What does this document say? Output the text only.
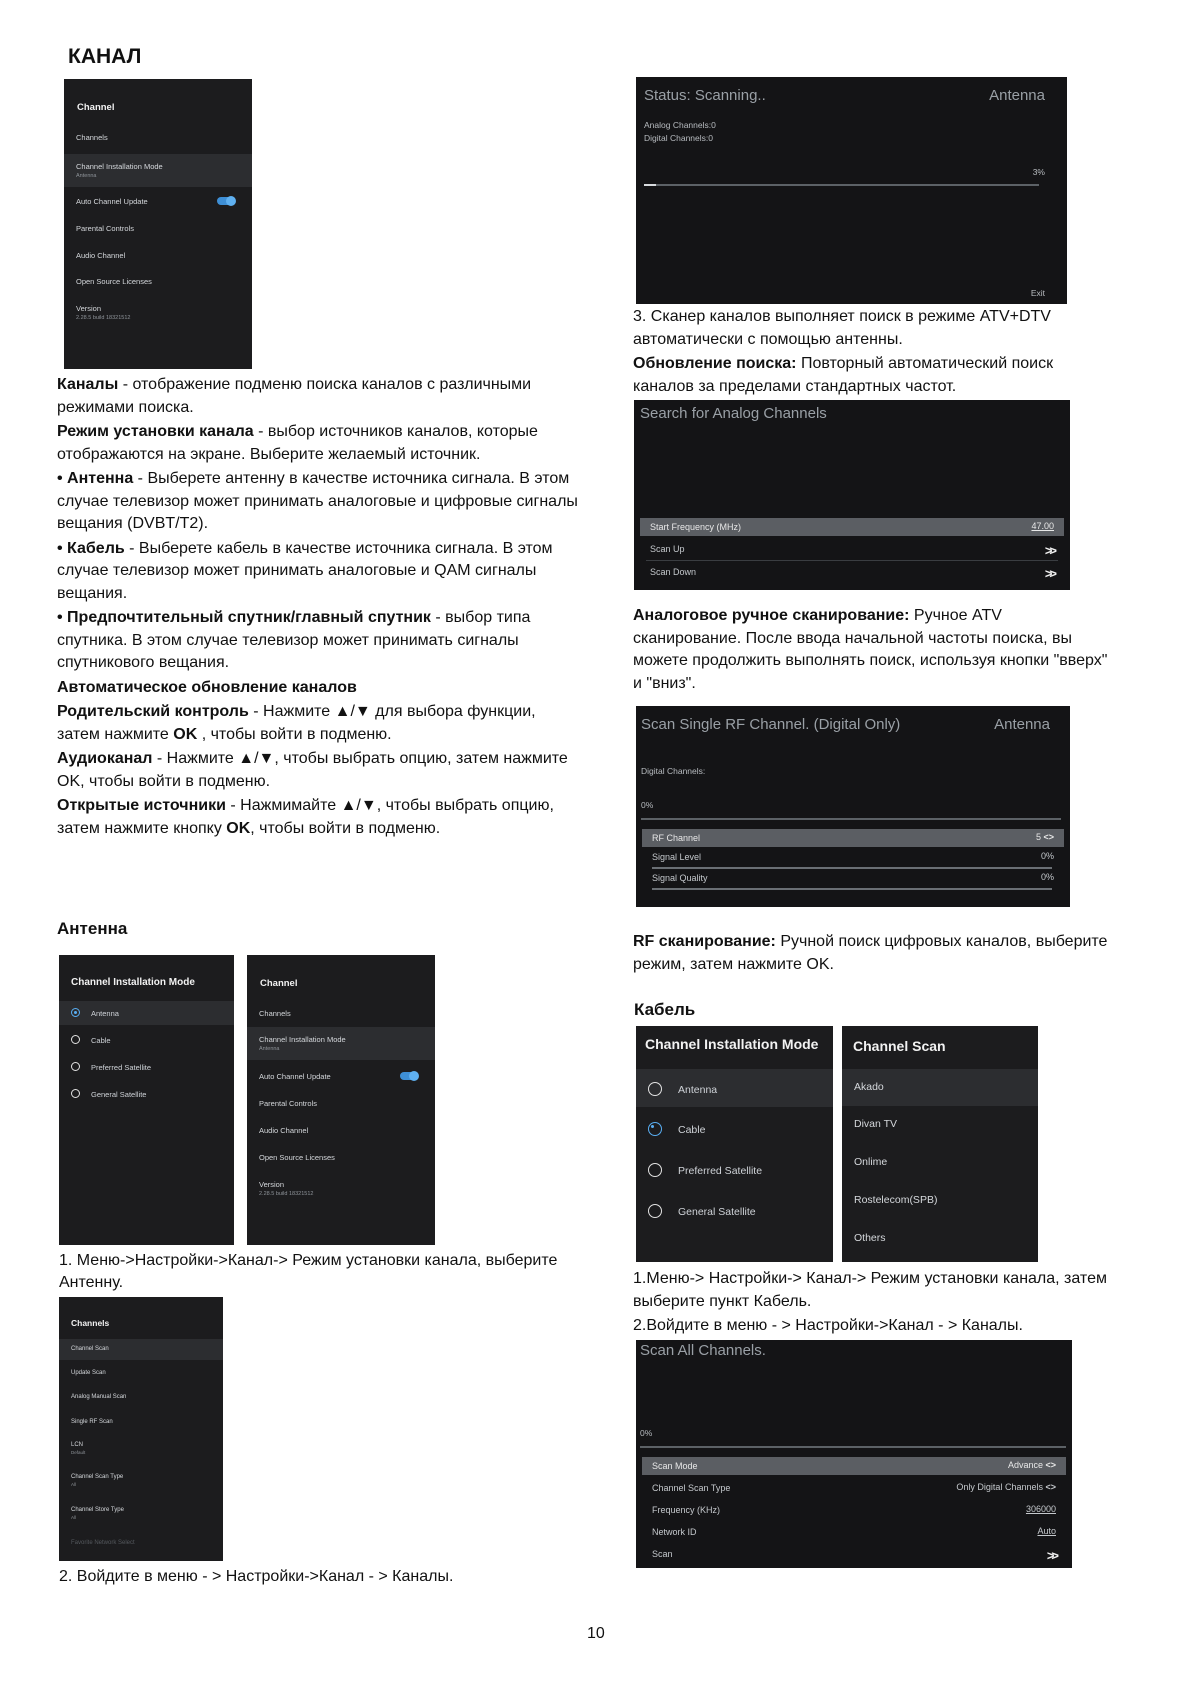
КАНАЛ
Channel
Channels
Channel Installation Mode
Antenna
Auto Channel Update
Parental Controls
Audio Channel
Open Source Licenses
Version
2.28.5 build 18321512

Каналы - отображение подменю поиска каналов с различными режимами поиска.

Режим установки канала - выбор источников каналов, которые отображаются на экране. Выберите желаемый источник.

• Антенна - Выберете антенну в качестве источника сигнала. В этом случае телевизор может принимать аналоговые и цифровые сигналы вещания (DVBT/T2).

• Кабель - Выберете кабель в качестве источника сигнала. В этом случае телевизор может принимать аналоговые и QAM сигналы вещания.

• Предпочтительный спутник/главный спутник - выбор типа спутника. В этом случае телевизор может принимать сигналы спутникового вещания.

Автоматическое обновление каналов

Родительский контроль - Нажмите ▲/▼ для выбора функции, затем нажмите OK , чтобы войти в подменю.

Аудиоканал - Нажмите ▲/▼, чтобы выбрать опцию, затем нажмите OK, чтобы войти в подменю.

Открытые источники - Нажмимайте ▲/▼, чтобы выбрать опцию, затем нажмите кнопку OK, чтобы войти в подменю.

Антенна
Channel Installation Mode
Antenna
Cable
Preferred Satellite
General Satellite
Channel
Channels
Channel Installation Mode
Antenna
Auto Channel Update
Parental Controls
Audio Channel
Open Source Licenses
Version
2.28.5 build 18321512
1. Меню->Настройки->Канал-> Режим установки канала, выберите Антенну.
Channels
Channel Scan
Update Scan
Analog Manual Scan
Single RF Scan
LCN
Default
Channel Scan Type
All
Channel Store Type
All
Favorite Network Select
2. Войдите в меню - > Настройки->Канал - > Каналы.
Status: Scanning..	Antenna
Analog Channels:0
Digital Channels:0
3%
Exit

3. Сканер каналов выполняет поиск в режиме ATV+DTV автоматически с помощью антенны.

Обновление поиска: Повторный автоматический поиск каналов за пределами стандартных частот.

Search for Analog Channels
Start Frequency (MHz)	47.00
Scan Up	>>
Scan Down	>>

Аналоговое ручное сканирование: Ручное ATV сканирование. После ввода начальной частоты поиска, вы можете продолжить выполнять поиск, используя кнопки "вверх" и "вниз".

Scan Single RF Channel. (Digital Only)	Antenna
Digital Channels:
0%
RF Channel	5 <>
Signal Level	0%
Signal Quality	0%

RF сканирование: Ручной поиск цифровых каналов, выберите режим, затем нажмите OK.

Кабель
Channel Installation Mode
Antenna
Cable
Preferred Satellite
General Satellite
Channel Scan
Akado
Divan TV
Onlime
Rostelecom(SPB)
Others

1.Меню-> Настройки-> Канал-> Режим установки канала, затем выберите пункт Кабель.

2.Войдите в меню - > Настройки->Канал - > Каналы.

Scan All Channels.
0%
Scan Mode	Advance <>
Channel Scan Type	Only Digital Channels <>
Frequency (KHz)	306000
Network ID	Auto
Scan	>>
10
